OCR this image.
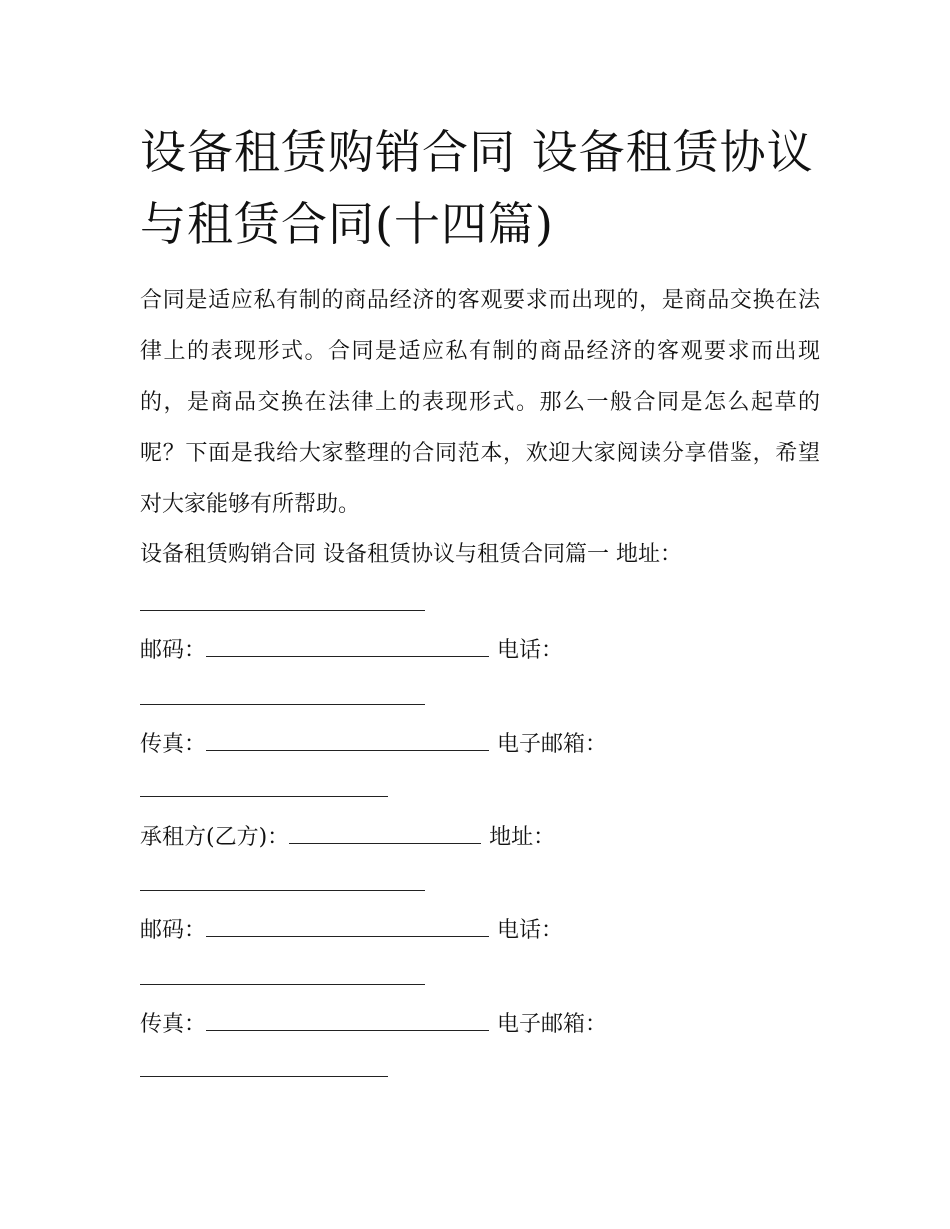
设备租赁购销合同 设备租赁协议与租赁合同(十四篇)

合同是适应私有制的商品经济的客观要求而出现的，是商品交换在法律上的表现形式。合同是适应私有制的商品经济的客观要求而出现的，是商品交换在法律上的表现形式。那么一般合同是怎么起草的呢？下面是我给大家整理的合同范本，欢迎大家阅读分享借鉴，希望对大家能够有所帮助。

设备租赁购销合同 设备租赁协议与租赁合同篇一 地址：
邮码：	电话：
传真：	电子邮箱：
承租方(乙方)：	地址：
邮码：	电话：
传真：	电子邮箱：
